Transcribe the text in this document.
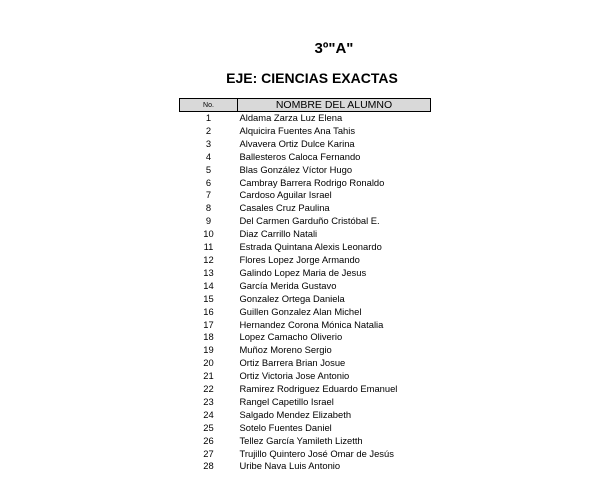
3º"A"
EJE: CIENCIAS EXACTAS
No.	NOMBRE DEL ALUMNO
1	Aldama Zarza Luz Elena
2	Alquicira Fuentes Ana Tahis
3	Alvavera Ortiz Dulce Karina
4	Ballesteros Caloca Fernando
5	Blas González Víctor Hugo
6	Cambray Barrera Rodrigo Ronaldo
7	Cardoso Aguilar Israel
8	Casales Cruz Paulina
9	Del Carmen Garduño Cristóbal E.
10	Diaz Carrillo Natali
11	Estrada Quintana Alexis Leonardo
12	Flores Lopez Jorge Armando
13	Galindo Lopez Maria de Jesus
14	García Merida Gustavo
15	Gonzalez Ortega Daniela
16	Guillen Gonzalez Alan Michel
17	Hernandez Corona Mónica Natalia
18	Lopez Camacho Oliverio
19	Muñoz Moreno Sergio
20	Ortiz Barrera Brian Josue
21	Ortiz Victoria Jose Antonio
22	Ramirez Rodriguez Eduardo Emanuel
23	Rangel Capetillo Israel
24	Salgado Mendez Elizabeth
25	Sotelo Fuentes Daniel
26	Tellez García Yamileth Lizetth
27	Trujillo Quintero José Omar de Jesús
28	Uribe Nava Luis Antonio
